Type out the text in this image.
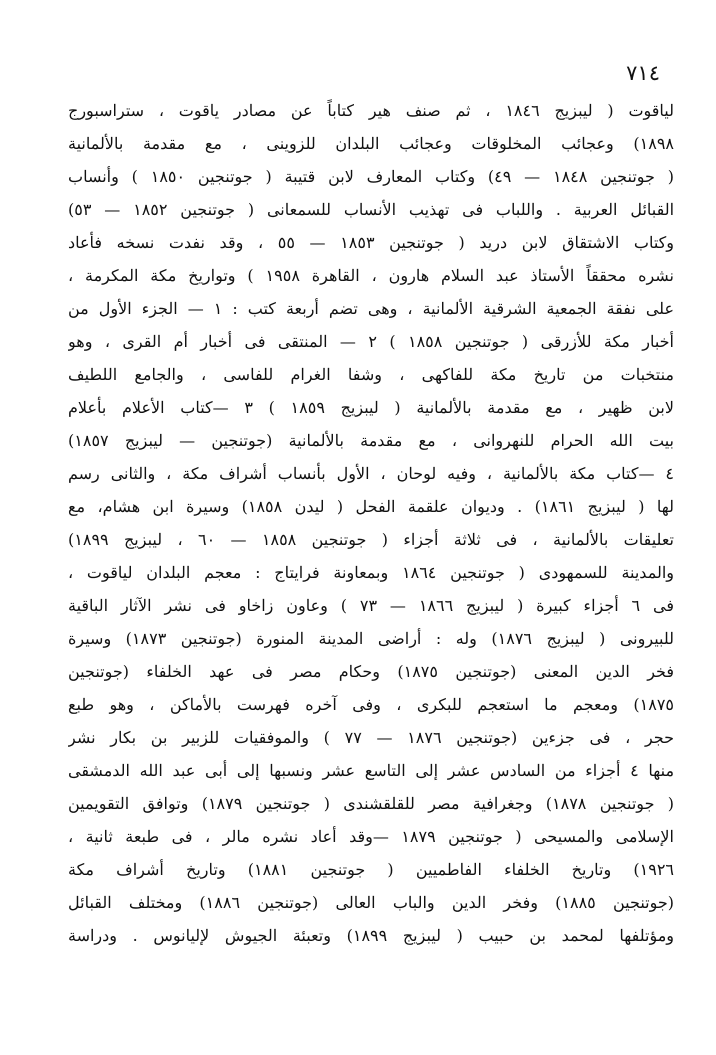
٧١٤
لياقوت ( ليبزيج ١٨٤٦ ، ثم صنف هير كتاباً عن مصادر ياقوت ، ستراسبورج
١٨٩٨) وعجائب المخلوقات وعجائب البلدان للزوينى ، مع مقدمة بالألمانية
( جوتنجين ١٨٤٨ — ٤٩) وكتاب المعارف لابن قتيبة ( جوتنجين ١٨٥٠ ) وأنساب
القبائل العربية . واللباب فى تهذيب الأنساب للسمعانى ( جوتنجين ١٨٥٢ — ٥٣)
وكتاب الاشتقاق لابن دريد ( جوتنجين ١٨٥٣ — ٥٥ ، وقد نفدت نسخه فأعاد
نشره محققاً الأستاذ عبد السلام هارون ، القاهرة ١٩٥٨ ) وتواريخ مكة المكرمة ،
على نفقة الجمعية الشرقية الألمانية ، وهى تضم أربعة كتب : ١ — الجزء الأول من
أخبار مكة للأزرقى ( جوتنجين ١٨٥٨ ) ٢ — المنتقى فى أخبار أم القرى ، وهو
منتخبات من تاريخ مكة للفاكهى ، وشفا الغرام للفاسى ، والجامع اللطيف
لابن ظهير ، مع مقدمة بالألمانية ( ليبزيج ١٨٥٩ ) ٣ —كتاب الأعلام بأعلام
بيت الله الحرام للنهروانى ، مع مقدمة بالألمانية (جوتنجين — ليبزيج ١٨٥٧)
٤ —كتاب مكة بالألمانية ، وفيه لوحان ، الأول بأنساب أشراف مكة ، والثانى رسم
لها ( ليبزيج ١٨٦١) . وديوان علقمة الفحل ( ليدن ١٨٥٨) وسيرة ابن هشام، مع
تعليقات بالألمانية ، فى ثلاثة أجزاء ( جوتنجين ١٨٥٨ — ٦٠ ، ليبزيج ١٨٩٩)
والمدينة للسمهودى ( جوتنجين ١٨٦٤ وبمعاونة فرايتاج : معجم البلدان لياقوت ،
فى ٦ أجزاء كبيرة ( ليبزيج ١٨٦٦ — ٧٣ ) وعاون زاخاو فى نشر الآثار الباقية
للبيرونى ( ليبزيج ١٨٧٦) وله : أراضى المدينة المنورة (جوتنجين ١٨٧٣) وسيرة
فخر الدين المعنى (جوتنجين ١٨٧٥) وحكام مصر فى عهد الخلفاء (جوتنجين
١٨٧٥) ومعجم ما استعجم للبكرى ، وفى آخره فهرست بالأماكن ، وهو طبع
حجر ، فى جزءين (جوتنجين ١٨٧٦ — ٧٧ ) والموفقيات للزبير بن بكار نشر
منها ٤ أجزاء من السادس عشر إلى التاسع عشر ونسبها إلى أبى عبد الله الدمشقى
( جوتنجين ١٨٧٨) وجغرافية مصر للقلقشندى ( جوتنجين ١٨٧٩) وتوافق التقويمين
الإسلامى والمسيحى ( جوتنجين ١٨٧٩ —وقد أعاد نشره مالر ، فى طبعة ثانية ،
١٩٢٦) وتاريخ الخلفاء الفاطميين ( جوتنجين ١٨٨١) وتاريخ أشراف مكة
(جوتنجين ١٨٨٥) وفخر الدين والباب العالى (جوتنجين ١٨٨٦) ومختلف القبائل
ومؤتلفها لمحمد بن حبيب ( ليبزيج ١٨٩٩) وتعبئة الجيوش لإليانوس . ودراسة
